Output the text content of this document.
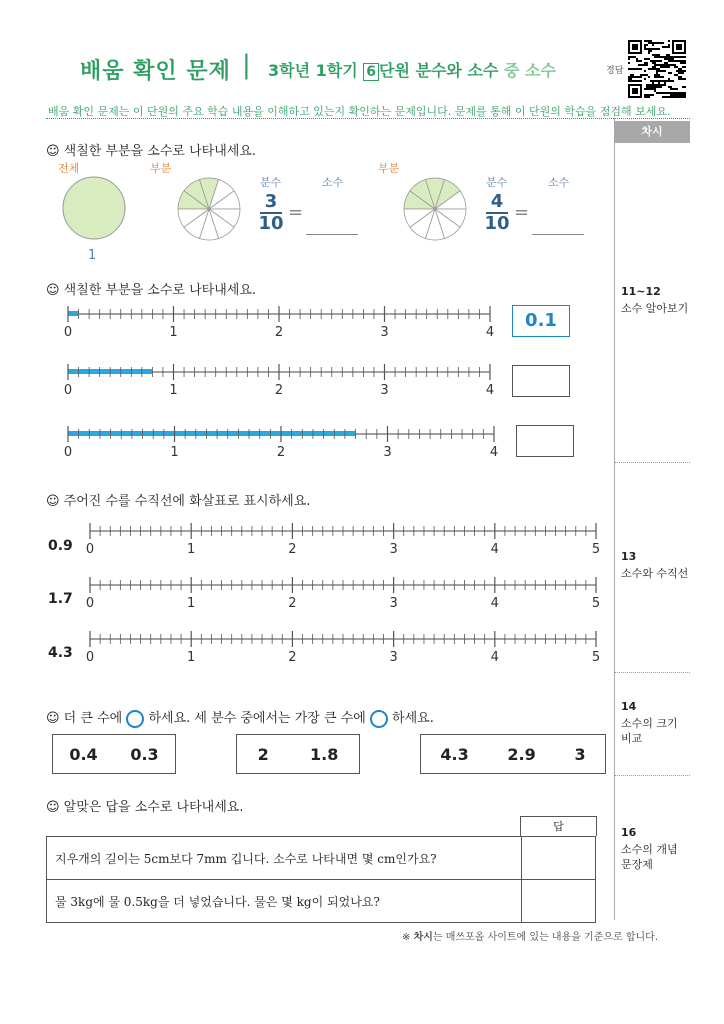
배움 확인 문제 | 3학년 1학기 6 단원 분수와 소수 중 소수	정답
배움 확인 문제는 이 단원의 주요 학습 내용을 이해하고 있는지 확인하는 문제입니다. 문제를 통해 이 단원의 학습을 점검해 보세요.
차시
11~12
소수 알아보기
13
소수와 수직선
14
소수의 크기 비교
16
소수의 개념 문장제
☺ 색칠한 부분을 소수로 나타내세요.
전체
1
부분
분수	소수
3
10
=
부분
분수	소수
4
10
=
☺ 색칠한 부분을 소수로 나타내세요.
0	1	2	3	4
0	1	2	3	4
0	1	2	3	4
0.1
☺ 주어진 수를 수직선에 화살표로 표시하세요.
0.9
1.7
4.3
0	1	2	3	4	5
0	1	2	3	4	5
0	1	2	3	4	5
☺ 더 큰 수에 하세요. 세 분수 중에서는 가장 큰 수에 하세요.
0.4 0.3	2	1.8	4.3 2.9 3
☺ 알맞은 답을 소수로 나타내세요.
답
지우개의 길이는 5cm보다 7mm 깁니다. 소수로 나타내면 몇 cm인가요?	
물 3kg에 물 0.5kg을 더 넣었습니다. 물은 몇 kg이 되었나요?	
※ 차시는 매쓰포올 사이트에 있는 내용을 기준으로 합니다.
